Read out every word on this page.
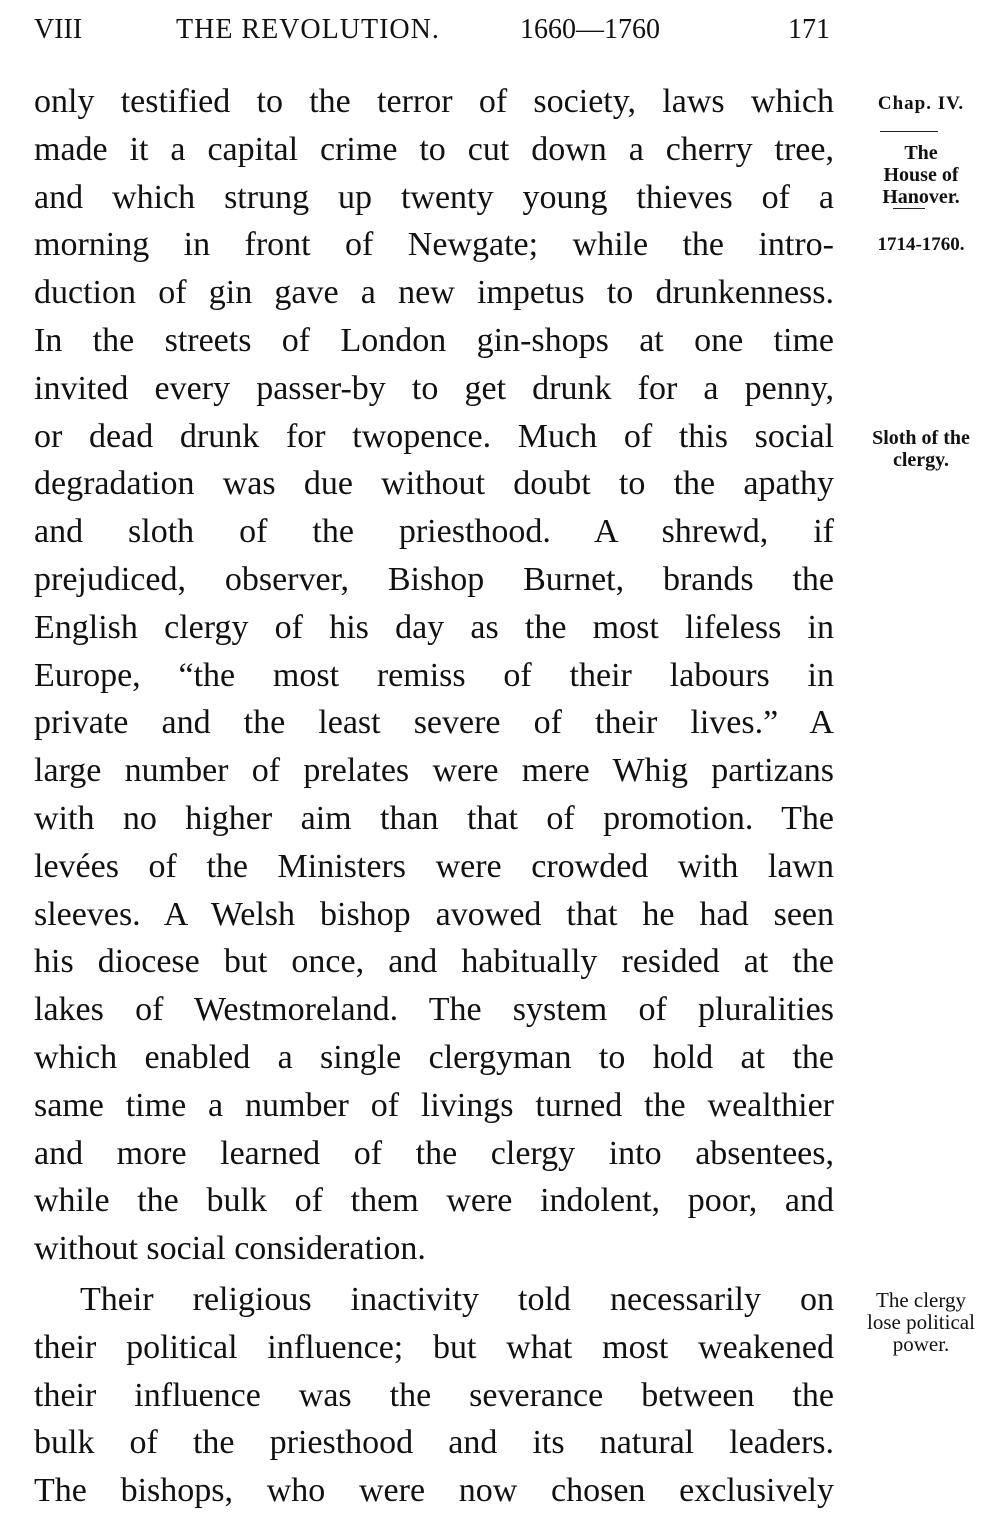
VIII	THE REVOLUTION.	1660—1760	171
only testified to the terror of society, laws which
made it a capital crime to cut down a cherry tree,
and which strung up twenty young thieves of a
morning in front of Newgate; while the intro-
duction of gin gave a new impetus to drunkenness.
In the streets of London gin-shops at one time
invited every passer-by to get drunk for a penny,
or dead drunk for twopence. Much of this social
degradation was due without doubt to the apathy
and sloth of the priesthood. A shrewd, if
prejudiced, observer, Bishop Burnet, brands the
English clergy of his day as the most lifeless in
Europe, “the most remiss of their labours in
private and the least severe of their lives.” A
large number of prelates were mere Whig partizans
with no higher aim than that of promotion. The
levées of the Ministers were crowded with lawn
sleeves. A Welsh bishop avowed that he had seen
his diocese but once, and habitually resided at the
lakes of Westmoreland. The system of pluralities
which enabled a single clergyman to hold at the
same time a number of livings turned the wealthier
and more learned of the clergy into absentees,
while the bulk of them were indolent, poor, and
without social consideration.
Their religious inactivity told necessarily on
their political influence; but what most weakened
their influence was the severance between the
bulk of the priesthood and its natural leaders.
The bishops, who were now chosen exclusively
Chap. IV.
The
House of
Hanover.
1714-1760.
Sloth of the
clergy.
The clergy
lose political
power.
